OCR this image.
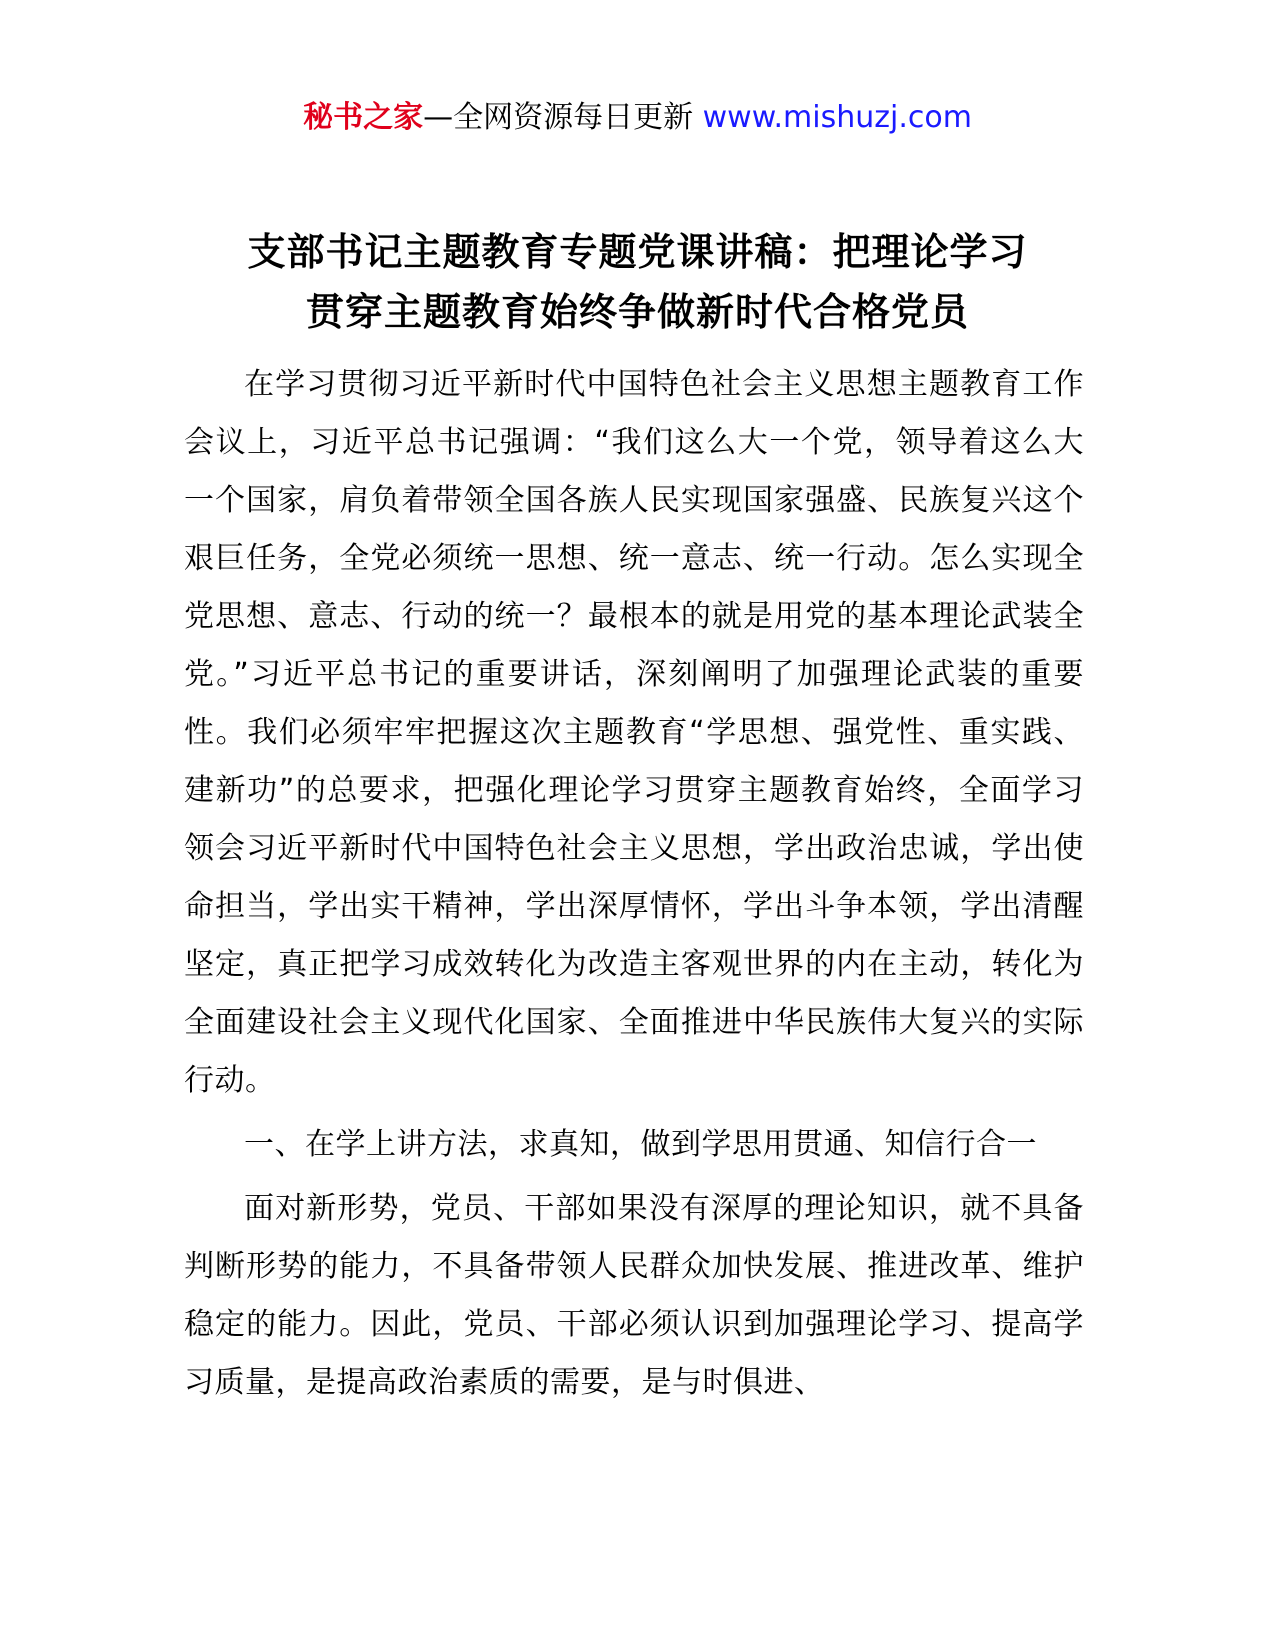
秘书之家—全网资源每日更新 www.mishuzj.com
支部书记主题教育专题党课讲稿：把理论学习
贯穿主题教育始终争做新时代合格党员

在学习贯彻习近平新时代中国特色社会主义思想主题教育工作会议上，习近平总书记强调：“我们这么大一个党，领导着这么大一个国家，肩负着带领全国各族人民实现国家强盛、民族复兴这个艰巨任务，全党必须统一思想、统一意志、统一行动。怎么实现全党思想、意志、行动的统一？最根本的就是用党的基本理论武装全党。”习近平总书记的重要讲话，深刻阐明了加强理论武装的重要性。我们必须牢牢把握这次主题教育“学思想、强党性、重实践、建新功”的总要求，把强化理论学习贯穿主题教育始终，全面学习领会习近平新时代中国特色社会主义思想，学出政治忠诚，学出使命担当，学出实干精神，学出深厚情怀，学出斗争本领，学出清醒坚定，真正把学习成效转化为改造主客观世界的内在主动，转化为全面建设社会主义现代化国家、全面推进中华民族伟大复兴的实际行动。

一、在学上讲方法，求真知，做到学思用贯通、知信行合一

面对新形势，党员、干部如果没有深厚的理论知识，就不具备判断形势的能力，不具备带领人民群众加快发展、推进改革、维护稳定的能力。因此，党员、干部必须认识到加强理论学习、提高学习质量，是提高政治素质的需要，是与时俱进、
